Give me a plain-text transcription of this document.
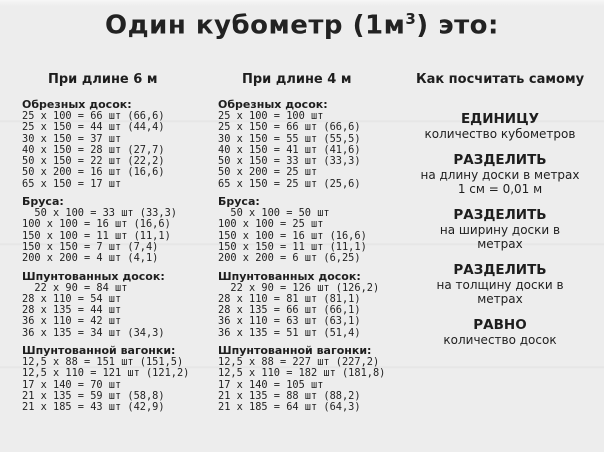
Один кубометр $(1м^3)$ это:
При длине 6 м
Обрезных досок:
25 х 100 = 66 шт (66,6)
25 х 150 = 44 шт (44,4)
30 х 150 = 37 шт
40 х 150 = 28 шт (27,7)
50 х 150 = 22 шт (22,2)
50 х 200 = 16 шт (16,6)
65 х 150 = 17 шт
Бруса:
50 х 100 = 33 шт (33,3)
100 х 100 = 16 шт (16,6)
150 х 100 = 11 шт (11,1)
150 х 150 = 7 шт (7,4)
200 х 200 = 4 шт (4,1)
Шпунтованных досок:
22 х 90 = 84 шт
28 х 110 = 54 шт
28 х 135 = 44 шт
36 х 110 = 42 шт
36 х 135 = 34 шт (34,3)
Шпунтованной вагонки:
12,5 х 88 = 151 шт (151,5)
12,5 х 110 = 121 шт (121,2)
17 х 140 = 70 шт
21 х 135 = 59 шт (58,8)
21 х 185 = 43 шт (42,9)
При длине 4 м
Обрезных досок:
25 х 100 = 100 шт
25 х 150 = 66 шт (66,6)
30 х 150 = 55 шт (55,5)
40 х 150 = 41 шт (41,6)
50 х 150 = 33 шт (33,3)
50 х 200 = 25 шт
65 х 150 = 25 шт (25,6)
Бруса:
50 х 100 = 50 шт
100 х 100 = 25 шт
150 х 100 = 16 шт (16,6)
150 х 150 = 11 шт (11,1)
200 х 200 = 6 шт (6,25)
Шпунтованных досок:
22 х 90 = 126 шт (126,2)
28 х 110 = 81 шт (81,1)
28 х 135 = 66 шт (66,1)
36 х 110 = 63 шт (63,1)
36 х 135 = 51 шт (51,4)
Шпунтованной вагонки:
12,5 х 88 = 227 шт (227,2)
12,5 х 110 = 182 шт (181,8)
17 х 140 = 105 шт
21 х 135 = 88 шт (88,2)
21 х 185 = 64 шт (64,3)
Как посчитать самому
ЕДИНИЦУ
количество кубометров
РАЗДЕЛИТЬ
на длину доски в метрах
1 см = 0,01 м
РАЗДЕЛИТЬ
на ширину доски в
метрах
РАЗДЕЛИТЬ
на толщину доски в
метрах
РАВНО
количество досок
